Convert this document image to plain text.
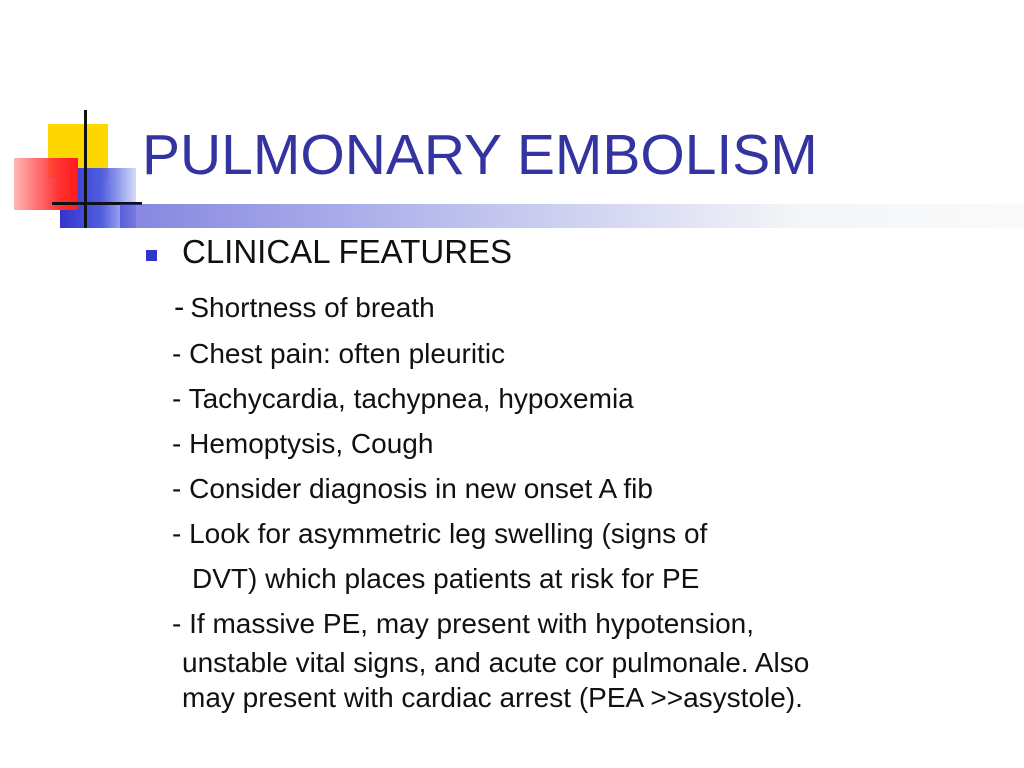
PULMONARY EMBOLISM
CLINICAL FEATURES
- Shortness of breath
- Chest pain: often pleuritic
- Tachycardia, tachypnea, hypoxemia
- Hemoptysis, Cough
- Consider diagnosis in new onset A fib
- Look for asymmetric leg swelling (signs of
DVT) which places patients at risk for PE
- If massive PE, may present with hypotension,
unstable vital signs, and acute cor pulmonale. Also
may present with cardiac arrest (PEA >>asystole).
